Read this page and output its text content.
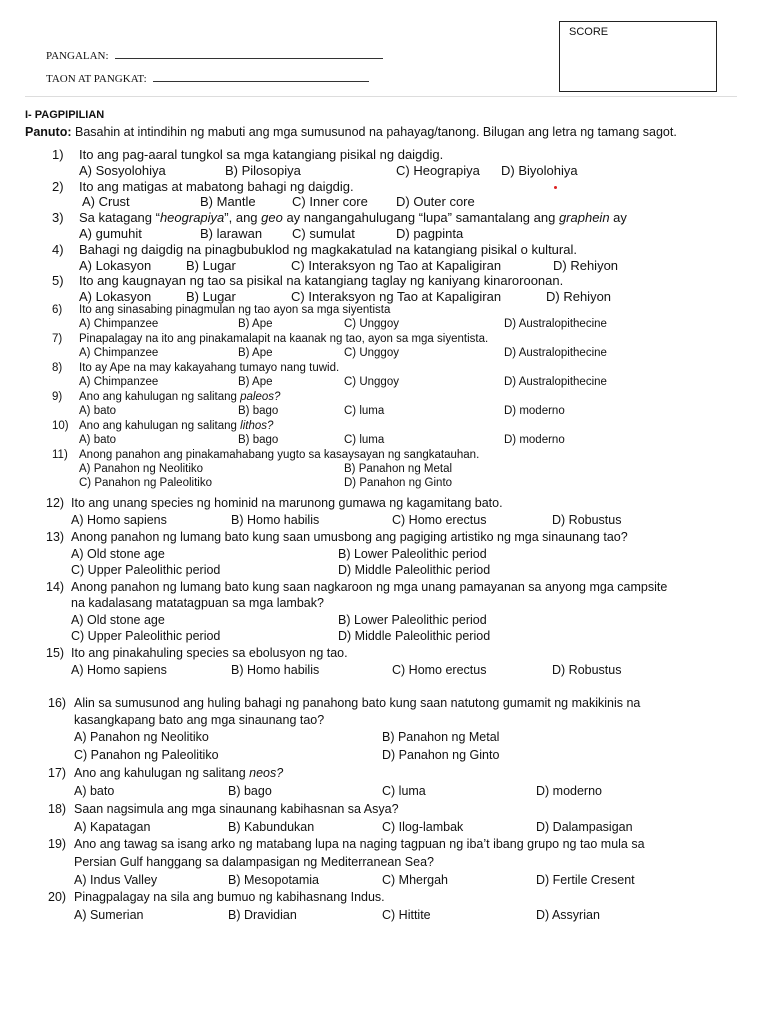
SCORE
PANGALAN:
TAON AT PANGKAT:
I- PAGPIPILIAN
Panuto: Basahin at intindihin ng mabuti ang mga sumusunod na pahayag/tanong. Bilugan ang letra ng tamang sagot.
1) Ito ang pag-aaral tungkol sa mga katangiang pisikal ng daigdig.
A) Sosyolohiya	B) Pilosopiya	C) Heograpiya D) Biyolohiya
2) Ito ang matigas at mabatong bahagi ng daigdig.
A) Crust	B) Mantle	C) Inner core D) Outer core
3) Sa katagang “heograpiya”, ang geo ay nangangahulugang “lupa” samantalang ang graphein ay
A) gumuhit	B) larawan C) sumulat	D) pagpinta
4) Bahagi ng daigdig na pinagbubuklod ng magkakatulad na katangiang pisikal o kultural.
A) Lokasyon	B) Lugar	C) Interaksyon ng Tao at Kapaligiran	D) Rehiyon
5) Ito ang kaugnayan ng tao sa pisikal na katangiang taglay ng kaniyang kinaroroonan.
A) Lokasyon	B) Lugar	C) Interaksyon ng Tao at Kapaligiran	D) Rehiyon
6) Ito ang sinasabing pinagmulan ng tao ayon sa mga siyentista
A) Chimpanzee	B) Ape	C) Unggoy	D) Australopithecine
7) Pinapalagay na ito ang pinakamalapit na kaanak ng tao, ayon sa mga siyentista.
A) Chimpanzee	B) Ape	C) Unggoy	D) Australopithecine
8) Ito ay Ape na may kakayahang tumayo nang tuwid.
A) Chimpanzee	B) Ape	C) Unggoy	D) Australopithecine
9) Ano ang kahulugan ng salitang paleos?
A) bato	B) bago	C) luma	D) moderno
10) Ano ang kahulugan ng salitang lithos?
A) bato	B) bago	C) luma	D) moderno
11) Anong panahon ang pinakamahabang yugto sa kasaysayan ng sangkatauhan.
A) Panahon ng Neolitiko	B) Panahon ng Metal
C) Panahon ng Paleolitiko	D) Panahon ng Ginto
12) Ito ang unang species ng hominid na marunong gumawa ng kagamitang bato.
A) Homo sapiens	B) Homo habilis	C) Homo erectus	D) Robustus
13) Anong panahon ng lumang bato kung saan umusbong ang pagiging artistiko ng mga sinaunang tao?
A) Old stone age	B) Lower Paleolithic period
C) Upper Paleolithic period	D) Middle Paleolithic period
14) Anong panahon ng lumang bato kung saan nagkaroon ng mga unang pamayanan sa anyong mga campsite
na kadalasang matatagpuan sa mga lambak?
A) Old stone age	B) Lower Paleolithic period
C) Upper Paleolithic period	D) Middle Paleolithic period
15) Ito ang pinakahuling species sa ebolusyon ng tao.
A) Homo sapiens	B) Homo habilis	C) Homo erectus	D) Robustus
16) Alin sa sumusunod ang huling bahagi ng panahong bato kung saan natutong gumamit ng makikinis na
kasangkapang bato ang mga sinaunang tao?
A) Panahon ng Neolitiko	B) Panahon ng Metal
C) Panahon ng Paleolitiko	D) Panahon ng Ginto
17) Ano ang kahulugan ng salitang neos?
A) bato	B) bago	C) luma	D) moderno
18) Saan nagsimula ang mga sinaunang kabihasnan sa Asya?
A) Kapatagan	B) Kabundukan	C) Ilog-lambak	D) Dalampasigan
19) Ano ang tawag sa isang arko ng matabang lupa na naging tagpuan ng iba’t ibang grupo ng tao mula sa
Persian Gulf hanggang sa dalampasigan ng Mediterranean Sea?
A) Indus Valley	B) Mesopotamia	C) Mhergah	D) Fertile Cresent
20) Pinagpalagay na sila ang bumuo ng kabihasnang Indus.
A) Sumerian	B) Dravidian	C) Hittite	D) Assyrian
